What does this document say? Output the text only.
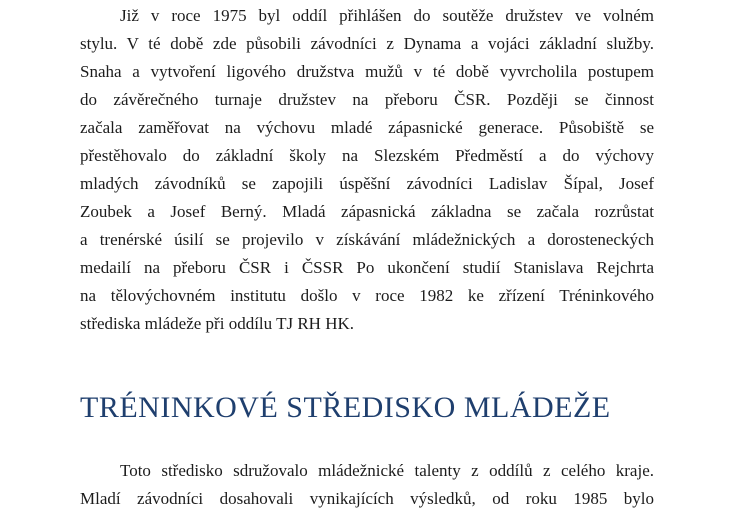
Již v roce 1975 byl oddíl přihlášen do soutěže družstev ve volném
stylu. V té době zde působili závodníci z Dynama a vojáci základní služby.
Snaha a vytvoření ligového družstva mužů v té době vyvrcholila postupem
do závěrečného turnaje družstev na přeboru ČSR. Později se činnost
začala zaměřovat na výchovu mladé zápasnické generace. Působiště se
přestěhovalo do základní školy na Slezském Předměstí a do výchovy
mladých závodníků se zapojili úspěšní závodníci Ladislav Šípal, Josef
Zoubek a Josef Berný. Mladá zápasnická základna se začala rozrůstat
a trenérské úsilí se projevilo v získávání mládežnických a dorosteneckých
medailí na přeboru ČSR i ČSSR Po ukončení studií Stanislava Rejchrta
na tělovýchovném institutu došlo v roce 1982 ke zřízení Tréninkového
střediska mládeže při oddílu TJ RH HK.
TRÉNINKOVÉ STŘEDISKO MLÁDEŽE
Toto středisko sdružovalo mládežnické talenty z oddílů z celého kraje.
Mladí závodníci dosahovali vynikajících výsledků, od roku 1985 bylo
